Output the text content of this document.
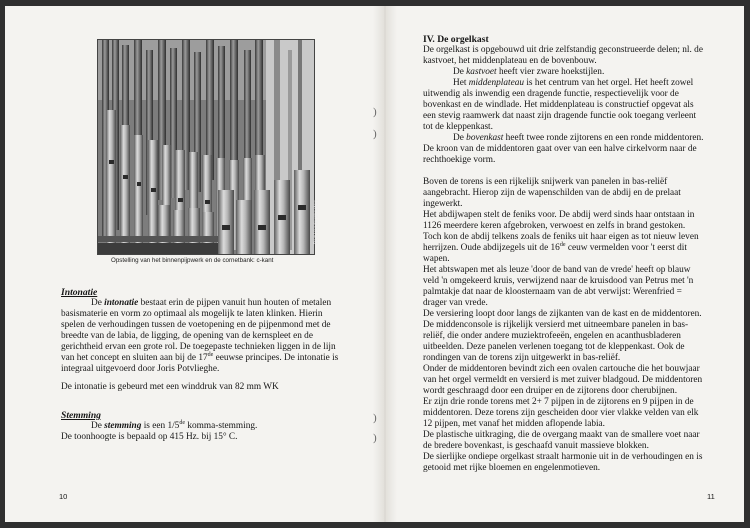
Bert Vanderstraeten
Opstelling van het binnenpijpwerk en de cornetbank: c-kant
Intonatie
De intonatie bestaat erin de pijpen vanuit hun houten of metalen
basismaterie en vorm zo optimaal als mogelijk te laten klinken. Hierin
spelen de verhoudingen tussen de voetopening en de pijpenmond met de
breedte van de labia, de ligging, de opening van de kernspleet en de
gerichtheid ervan een grote rol. De toegepaste technieken liggen in de lijn
van het concept en sluiten aan bij de 17de eeuwse principes. De intonatie is
integraal uitgevoerd door Joris Potvlieghe.
De intonatie is gebeurd met een winddruk van 82 mm WK
Stemming
De stemming is een 1/5de komma-stemming.
De toonhoogte is bepaald op 415 Hz. bij 15° C.
10
)
)
)
)
IV. De orgelkast
De orgelkast is opgebouwd uit drie zelfstandig geconstrueerde delen; nl. de
kastvoet, het middenplateau en de bovenbouw.
De kastvoet heeft vier zware hoekstijlen.
Het middenplateau is het centrum van het orgel. Het heeft zowel
uitwendig als inwendig een dragende functie, respectievelijk voor de
bovenkast en de windlade. Het middenplateau is constructief opgevat als
een stevig raamwerk dat naast zijn dragende functie ook toegang verleent
tot de kleppenkast.
De bovenkast heeft twee ronde zijtorens en een ronde middentoren.
De kroon van de middentoren gaat over van een halve cirkelvorm naar de
rechthoekige vorm.
Boven de torens is een rijkelijk snijwerk van panelen in bas-reliëf
aangebracht. Hierop zijn de wapenschilden van de abdij en de prelaat
ingewerkt.
Het abdijwapen stelt de feniks voor. De abdij werd sinds haar ontstaan in
1126 meerdere keren afgebroken, verwoest en zelfs in brand gestoken.
Toch kon de abdij telkens zoals de feniks uit haar eigen as tot nieuw leven
herrijzen. Oude abdijzegels uit de 16de ceuw vermelden voor 't eerst dit
wapen.
Het abtswapen met als leuze 'door de band van de vrede' heeft op blauw
veld 'n omgekeerd kruis, verwijzend naar de kruisdood van Petrus met 'n
palmtakje dat naar de kloosternaam van de abt verwijst: Werenfried =
drager van vrede.
De versiering loopt door langs de zijkanten van de kast en de middentoren.
De middenconsole is rijkelijk versierd met uitneembare panelen in bas-
reliëf, die onder andere muziektrofeeën, engelen en acanthusbladeren
uitbeelden. Deze panelen verlenen toegang tot de kleppenkast. Ook de
rondingen van de torens zijn uitgewerkt in bas-reliëf.
Onder de middentoren bevindt zich een ovalen cartouche die het bouwjaar
van het orgel vermeldt en versierd is met zuiver bladgoud. De middentoren
wordt geschraagd door een druiper en de zijtorens door cherubijnen.
Er zijn drie ronde torens met 2+ 7 pijpen in de zijtorens en 9 pijpen in de
middentoren. Deze torens zijn gescheiden door vier vlakke velden van elk
12 pijpen, met vanaf het midden aflopende labia.
De plastische uitkraging, die de overgang maakt van de smallere voet naar
de bredere bovenkast, is geschaafd vanuit massieve blokken.
De sierlijke ondiepe orgelkast straalt harmonie uit in de verhoudingen en is
getooid met rijke bloemen en engelenmotieven.
11
